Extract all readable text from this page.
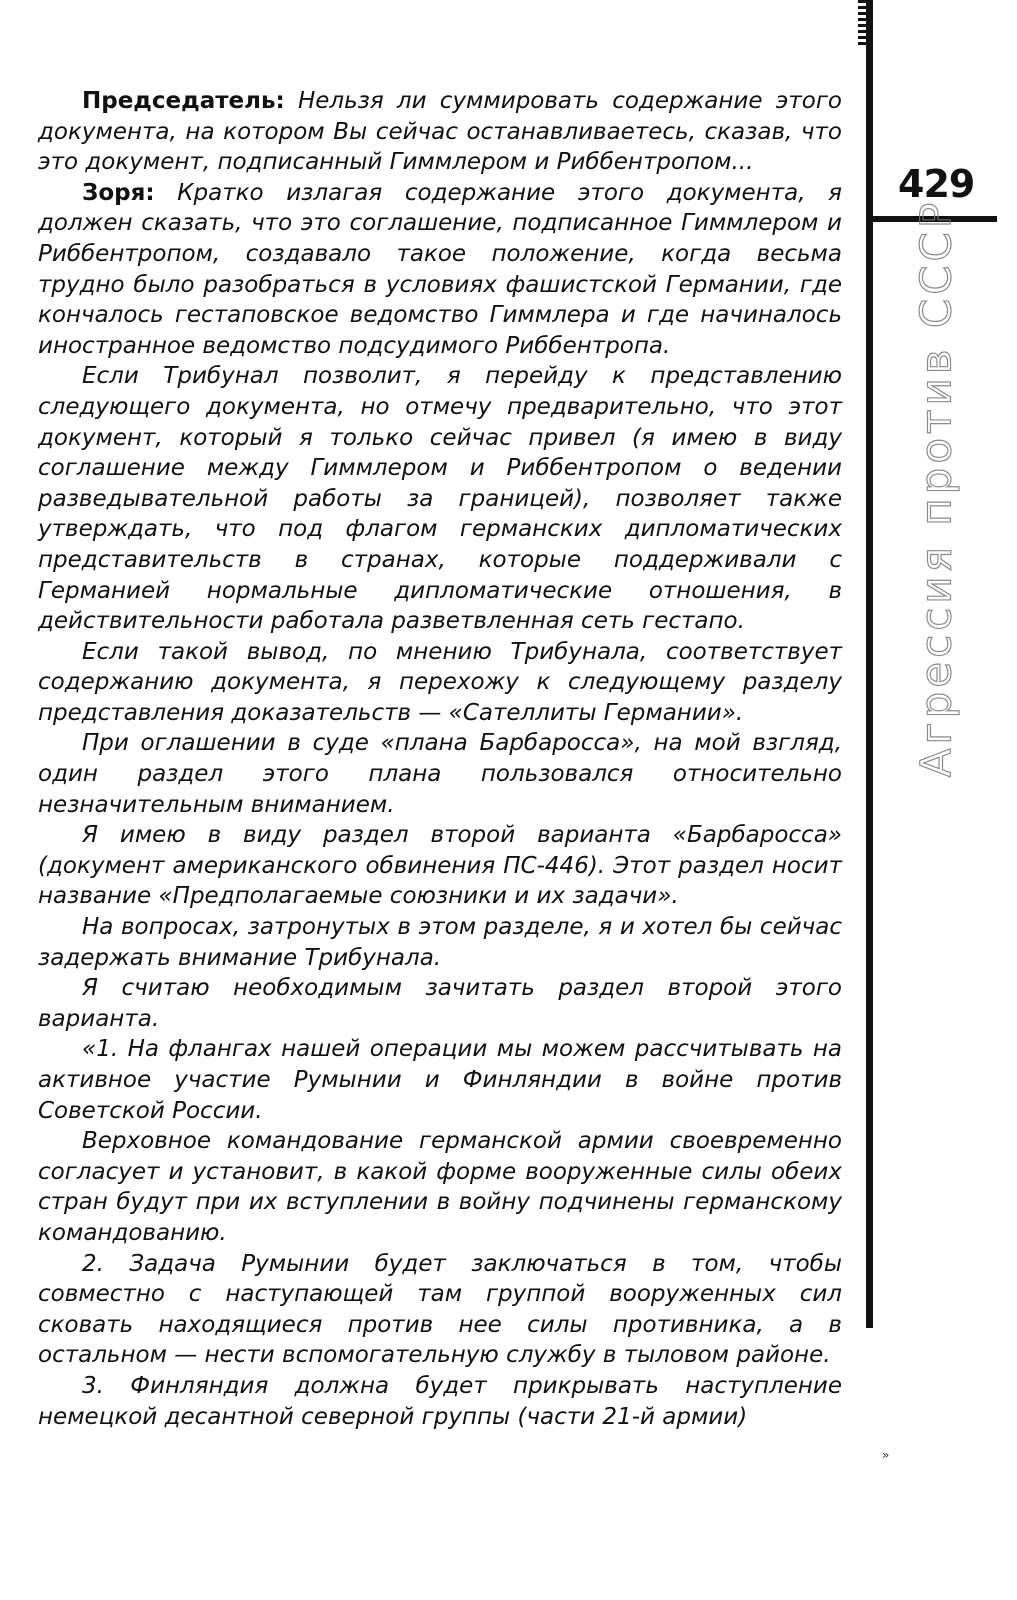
429
Агрессия против СССР
»

Председатель: Нельзя ли суммировать содержание этого документа, на котором Вы сейчас останавливаетесь, сказав, что это документ, подписанный Гиммлером и Риббентропом...

Зоря: Кратко излагая содержание этого документа, я должен сказать, что это соглашение, подписанное Гиммлером и Риббентропом, создавало такое положение, когда весьма трудно было разобраться в условиях фашистской Германии, где кончалось гестаповское ведомство Гиммлера и где начиналось иностранное ведомство подсудимого Риббентропа.

Если Трибунал позволит, я перейду к представлению следующего документа, но отмечу предварительно, что этот документ, который я только сейчас привел (я имею в виду соглашение между Гиммлером и Риббентропом о ведении разведывательной работы за границей), позволяет также утверждать, что под флагом германских дипломатических представительств в странах, которые поддерживали с Германией нормальные дипломатические отношения, в действительности работала разветвленная сеть гестапо.

Если такой вывод, по мнению Трибунала, соответствует содержанию документа, я перехожу к следующему разделу представления доказательств — «Сателлиты Германии».

При оглашении в суде «плана Барбаросса», на мой взгляд, один раздел этого плана пользовался относительно незначительным вниманием.

Я имею в виду раздел второй варианта «Барбаросса» (документ американского обвинения ПС-446). Этот раздел носит название «Предполагаемые союзники и их задачи».

На вопросах, затронутых в этом разделе, я и хотел бы сейчас задержать внимание Трибунала.

Я считаю необходимым зачитать раздел второй этого варианта.

«1. На флангах нашей операции мы можем рассчитывать на активное участие Румынии и Финляндии в войне против Советской России.

Верховное командование германской армии своевременно согласует и установит, в какой форме вооруженные силы обеих стран будут при их вступлении в войну подчинены германскому командованию.

2. Задача Румынии будет заключаться в том, чтобы совместно с наступающей там группой вооруженных сил сковать находящиеся против нее силы противника, а в остальном — нести вспомогательную службу в тыловом районе.

3. Финляндия должна будет прикрывать наступление немецкой десантной северной группы (части 21-й армии)
